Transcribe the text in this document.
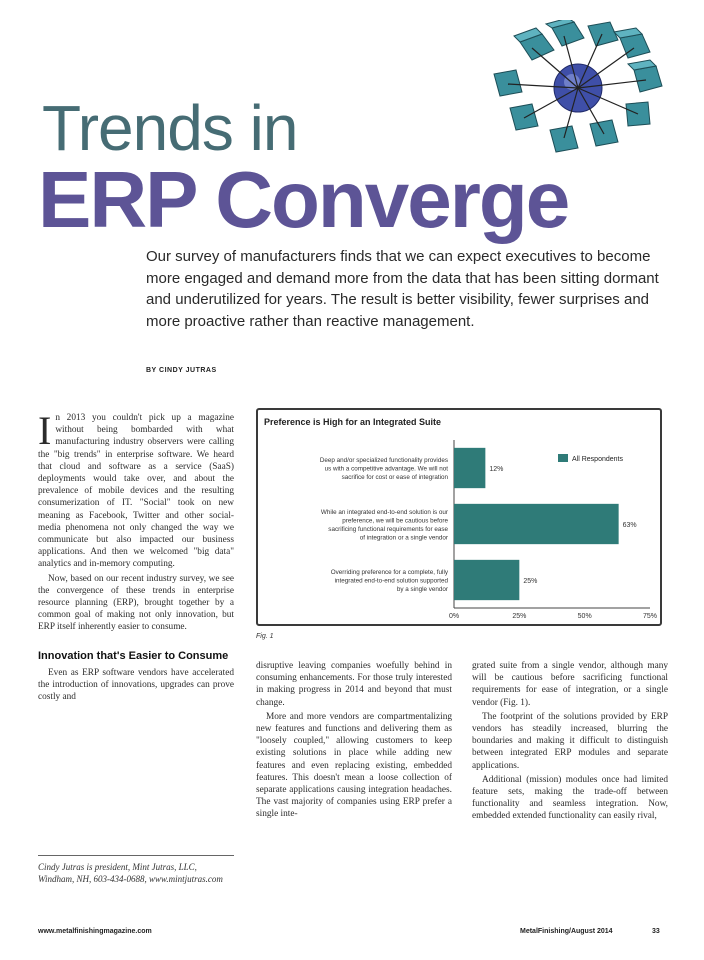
Trends in
ERP Converge
Our survey of manufacturers finds that we can expect executives to become more engaged and demand more from the data that has been sitting dormant and underutilized for years. The result is better visibility, fewer surprises and more proactive rather than reactive management.
BY CINDY JUTRAS

In 2013 you couldn't pick up a magazine without being bombarded with what manufacturing industry observers were calling the "big trends" in enterprise software. We heard that cloud and software as a service (SaaS) deployments would take over, and about the prevalence of mobile devices and the resulting consumerization of IT. "Social" took on new meaning as Facebook, Twitter and other social-media phenomena not only changed the way we communicate but also impacted our business applications. And then we welcomed "big data" analytics and in-memory computing.

Now, based on our recent industry survey, we see the convergence of these trends in enterprise resource planning (ERP), brought together by a common goal of making not only innovation, but ERP itself inherently easier to consume.

Innovation that's Easier to Consume

Even as ERP software vendors have accelerated the introduction of innovations, upgrades can prove costly and

Cindy Jutras is president, Mint Jutras, LLC, Windham, NH, 603-434-0688, www.mintjutras.com

disruptive leaving companies woefully behind in consuming enhancements. For those truly interested in making progress in 2014 and beyond that must change.

More and more vendors are compartmentalizing new features and functions and delivering them as "loosely coupled," allowing customers to keep existing solutions in place while adding new features and even replacing existing, embedded features. This doesn't mean a loose collection of separate applications causing integration headaches. The vast majority of companies using ERP prefer a single inte-

grated suite from a single vendor, although many will be cautious before sacrificing functional requirements for ease of integration, or a single vendor (Fig. 1).

The footprint of the solutions provided by ERP vendors has steadily increased, blurring the boundaries and making it difficult to distinguish between integrated ERP modules and separate applications.

Additional (mission) modules once had limited feature sets, making the trade-off between functionality and seamless integration. Now, embedded extended functionality can easily rival,

Preference is High for an Integrated Suite
All Respondents
0%	25%	50%	75%
12%
Deep and/or specialized functionality provides us with a competitive advantage. We will not sacrifice for cost or ease of integration
63%
While an integrated end-to-end solution is our preference, we will be cautious before sacrificing functional requirements for ease of integration or a single vendor
25%
Overriding preference for a complete, fully integrated end-to-end solution supported by a single vendor
Fig. 1
www.metalfinishingmagazine.com	MetalFinishing/August 2014	33
